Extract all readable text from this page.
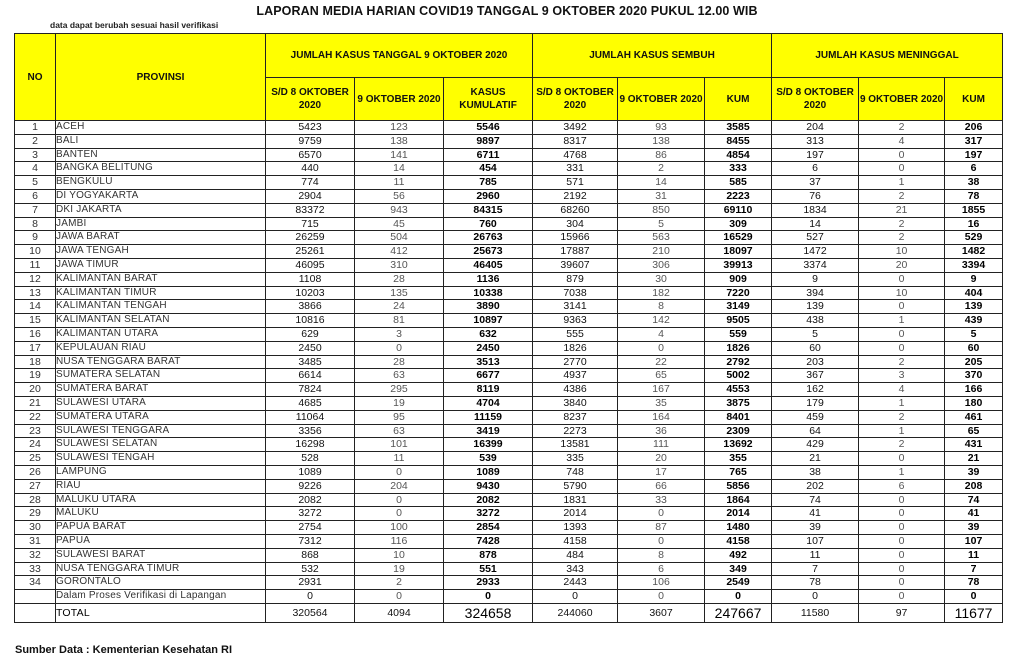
LAPORAN MEDIA HARIAN COVID19 TANGGAL 9 OKTOBER 2020 PUKUL 12.00 WIB
data dapat berubah sesuai hasil verifikasi
NO	PROVINSI	JUMLAH KASUS TANGGAL 9 OKTOBER 2020			JUMLAH KASUS SEMBUH			JUMLAH KASUS MENINGGAL		
		S/D 8 OKTOBER 2020	9 OKTOBER 2020	KASUS KUMULATIF	S/D 8 OKTOBER 2020	9 OKTOBER 2020	KUM	S/D 8 OKTOBER 2020	9 OKTOBER 2020	KUM
1	ACEH	5423	123	5546	3492	93	3585	204	2	206
2	BALI	9759	138	9897	8317	138	8455	313	4	317
3	BANTEN	6570	141	6711	4768	86	4854	197	0	197
4	BANGKA BELITUNG	440	14	454	331	2	333	6	0	6
5	BENGKULU	774	11	785	571	14	585	37	1	38
6	DI YOGYAKARTA	2904	56	2960	2192	31	2223	76	2	78
7	DKI JAKARTA	83372	943	84315	68260	850	69110	1834	21	1855
8	JAMBI	715	45	760	304	5	309	14	2	16
9	JAWA BARAT	26259	504	26763	15966	563	16529	527	2	529
10	JAWA TENGAH	25261	412	25673	17887	210	18097	1472	10	1482
11	JAWA TIMUR	46095	310	46405	39607	306	39913	3374	20	3394
12	KALIMANTAN BARAT	1108	28	1136	879	30	909	9	0	9
13	KALIMANTAN TIMUR	10203	135	10338	7038	182	7220	394	10	404
14	KALIMANTAN TENGAH	3866	24	3890	3141	8	3149	139	0	139
15	KALIMANTAN SELATAN	10816	81	10897	9363	142	9505	438	1	439
16	KALIMANTAN UTARA	629	3	632	555	4	559	5	0	5
17	KEPULAUAN RIAU	2450	0	2450	1826	0	1826	60	0	60
18	NUSA TENGGARA BARAT	3485	28	3513	2770	22	2792	203	2	205
19	SUMATERA SELATAN	6614	63	6677	4937	65	5002	367	3	370
20	SUMATERA BARAT	7824	295	8119	4386	167	4553	162	4	166
21	SULAWESI UTARA	4685	19	4704	3840	35	3875	179	1	180
22	SUMATERA UTARA	11064	95	11159	8237	164	8401	459	2	461
23	SULAWESI TENGGARA	3356	63	3419	2273	36	2309	64	1	65
24	SULAWESI SELATAN	16298	101	16399	13581	111	13692	429	2	431
25	SULAWESI TENGAH	528	11	539	335	20	355	21	0	21
26	LAMPUNG	1089	0	1089	748	17	765	38	1	39
27	RIAU	9226	204	9430	5790	66	5856	202	6	208
28	MALUKU UTARA	2082	0	2082	1831	33	1864	74	0	74
29	MALUKU	3272	0	3272	2014	0	2014	41	0	41
30	PAPUA BARAT	2754	100	2854	1393	87	1480	39	0	39
31	PAPUA	7312	116	7428	4158	0	4158	107	0	107
32	SULAWESI BARAT	868	10	878	484	8	492	11	0	11
33	NUSA TENGGARA TIMUR	532	19	551	343	6	349	7	0	7
34	GORONTALO	2931	2	2933	2443	106	2549	78	0	78
	Dalam Proses Verifikasi di Lapangan	0	0	0	0	0	0	0	0	0
	TOTAL	320564	4094	324658	244060	3607	247667	11580	97	11677
Sumber Data : Kementerian Kesehatan RI
